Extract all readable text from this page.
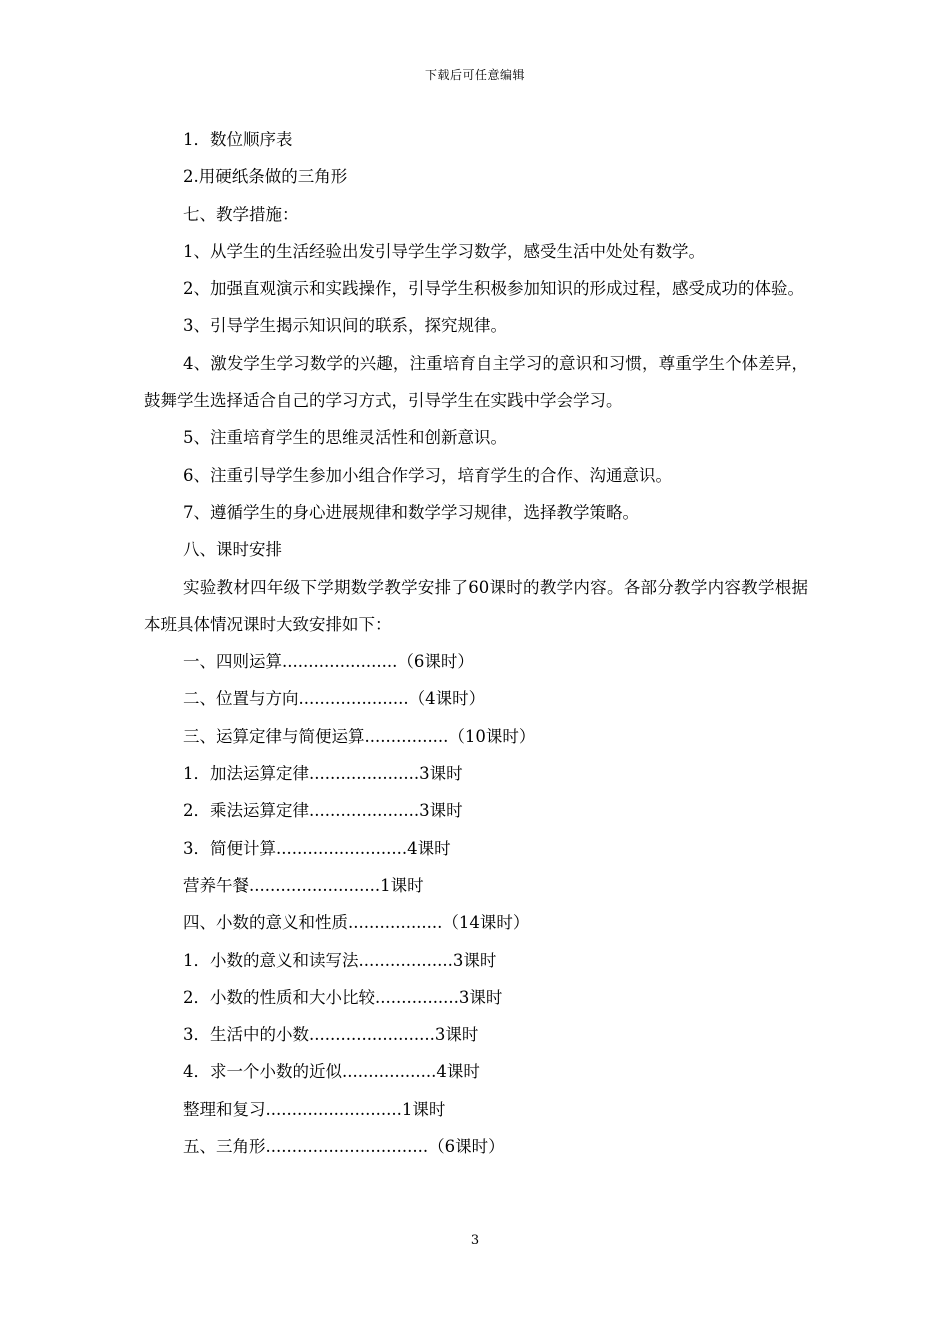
下载后可任意编辑

1．数位顺序表

2.用硬纸条做的三角形

七、教学措施：

1、从学生的生活经验出发引导学生学习数学，感受生活中处处有数学。

2、加强直观演示和实践操作，引导学生积极参加知识的形成过程，感受成功的体验。

3、引导学生揭示知识间的联系，探究规律。

4、激发学生学习数学的兴趣，注重培育自主学习的意识和习惯，尊重学生个体差异，鼓舞学生选择适合自己的学习方式，引导学生在实践中学会学习。

5、注重培育学生的思维灵活性和创新意识。

6、注重引导学生参加小组合作学习，培育学生的合作、沟通意识。

7、遵循学生的身心进展规律和数学学习规律，选择教学策略。

八、课时安排

实验教材四年级下学期数学教学安排了60课时的教学内容。各部分教学内容教学根据本班具体情况课时大致安排如下：

一、四则运算......................（6课时）

二、位置与方向.....................（4课时）

三、运算定律与简便运算................（10课时）

1．加法运算定律.....................3课时

2．乘法运算定律.....................3课时

3．简便计算.........................4课时

营养午餐.........................1课时

四、小数的意义和性质..................（14课时）

1．小数的意义和读写法..................3课时

2．小数的性质和大小比较................3课时

3．生活中的小数........................3课时

4．求一个小数的近似..................4课时

整理和复习..........................1课时

五、三角形...............................（6课时）

3
